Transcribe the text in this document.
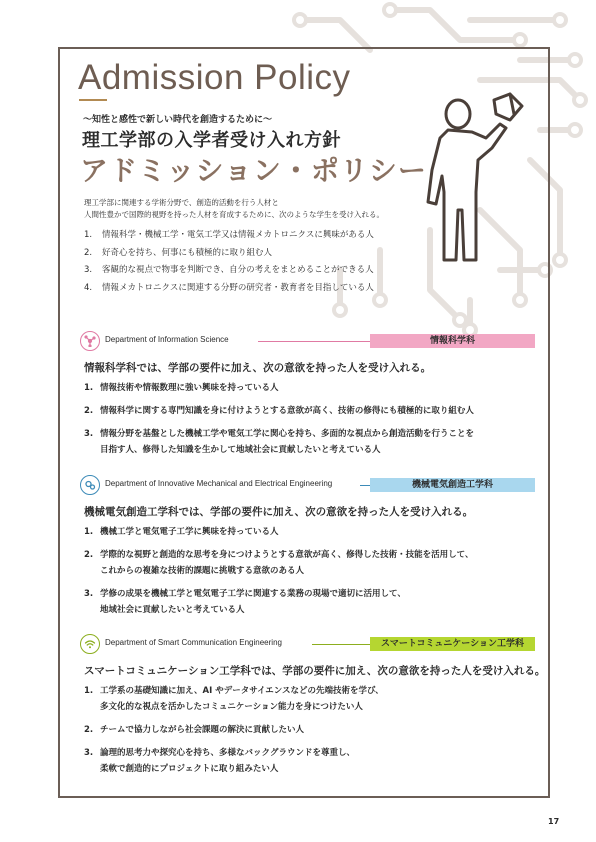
Admission Policy
〜知性と感性で新しい時代を創造するために〜
理工学部の入学者受け入れ方針
アドミッション・ポリシー
理工学部に関連する学術分野で、創造的活動を行う人材と
人間性豊かで国際的視野を持った人材を育成するために、次のような学生を受け入れる。
1. 情報科学・機械工学・電気工学又は情報メカトロニクスに興味がある人
2. 好奇心を持ち、何事にも積極的に取り組む人
3. 客観的な視点で物事を判断でき、自分の考えをまとめることができる人
4. 情報メカトロニクスに関連する分野の研究者・教育者を目指している人
Department of Information Science	情報科学科
情報科学科では、学部の要件に加え、次の意欲を持った人を受け入れる。
1. 情報技術や情報数理に強い興味を持っている人
2. 情報科学に関する専門知識を身に付けようとする意欲が高く、技術の修得にも積極的に取り組む人
3. 情報分野を基盤とした機械工学や電気工学に関心を持ち、多面的な視点から創造活動を行うことを
目指す人、修得した知識を生かして地域社会に貢献したいと考えている人
Department of Innovative Mechanical and Electrical Engineering	機械電気創造工学科
機械電気創造工学科では、学部の要件に加え、次の意欲を持った人を受け入れる。
1. 機械工学と電気電子工学に興味を持っている人
2. 学際的な視野と創造的な思考を身につけようとする意欲が高く、修得した技術・技能を活用して、
これからの複雑な技術的課題に挑戦する意欲のある人
3. 学修の成果を機械工学と電気電子工学に関連する業務の現場で適切に活用して、
地域社会に貢献したいと考えている人
Department of Smart Communication Engineering	スマートコミュニケーション工学科
スマートコミュニケーション工学科では、学部の要件に加え、次の意欲を持った人を受け入れる。
1. 工学系の基礎知識に加え、AI やデータサイエンスなどの先端技術を学び、
多文化的な視点を活かしたコミュニケーション能力を身につけたい人
2. チームで協力しながら社会課題の解決に貢献したい人
3. 論理的思考力や探究心を持ち、多様なバックグラウンドを尊重し、
柔軟で創造的にプロジェクトに取り組みたい人
17
